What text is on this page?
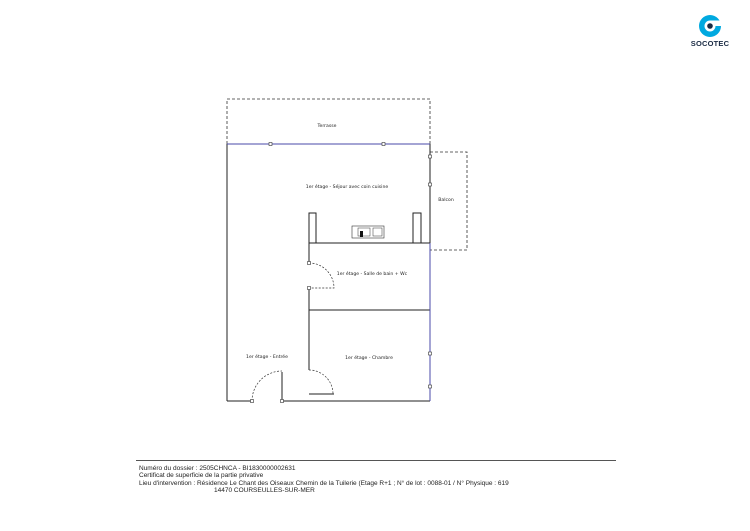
SOCOTEC
Terrasse
Balcon
1er étage - Séjour avec coin cuisine
1er étage - Salle de bain + Wc
1er étage - Entrée	1er étage - Chambre
Numéro du dossier : 2505CHNCA - BI1830000002631
Certificat de superficie de la partie privative
Lieu d'intervention : Résidence Le Chant des Oiseaux Chemin de la Tuilerie (Etage R+1 ; N° de lot : 0088-01 / N° Physique : 619
14470 COURSEULLES-SUR-MER
